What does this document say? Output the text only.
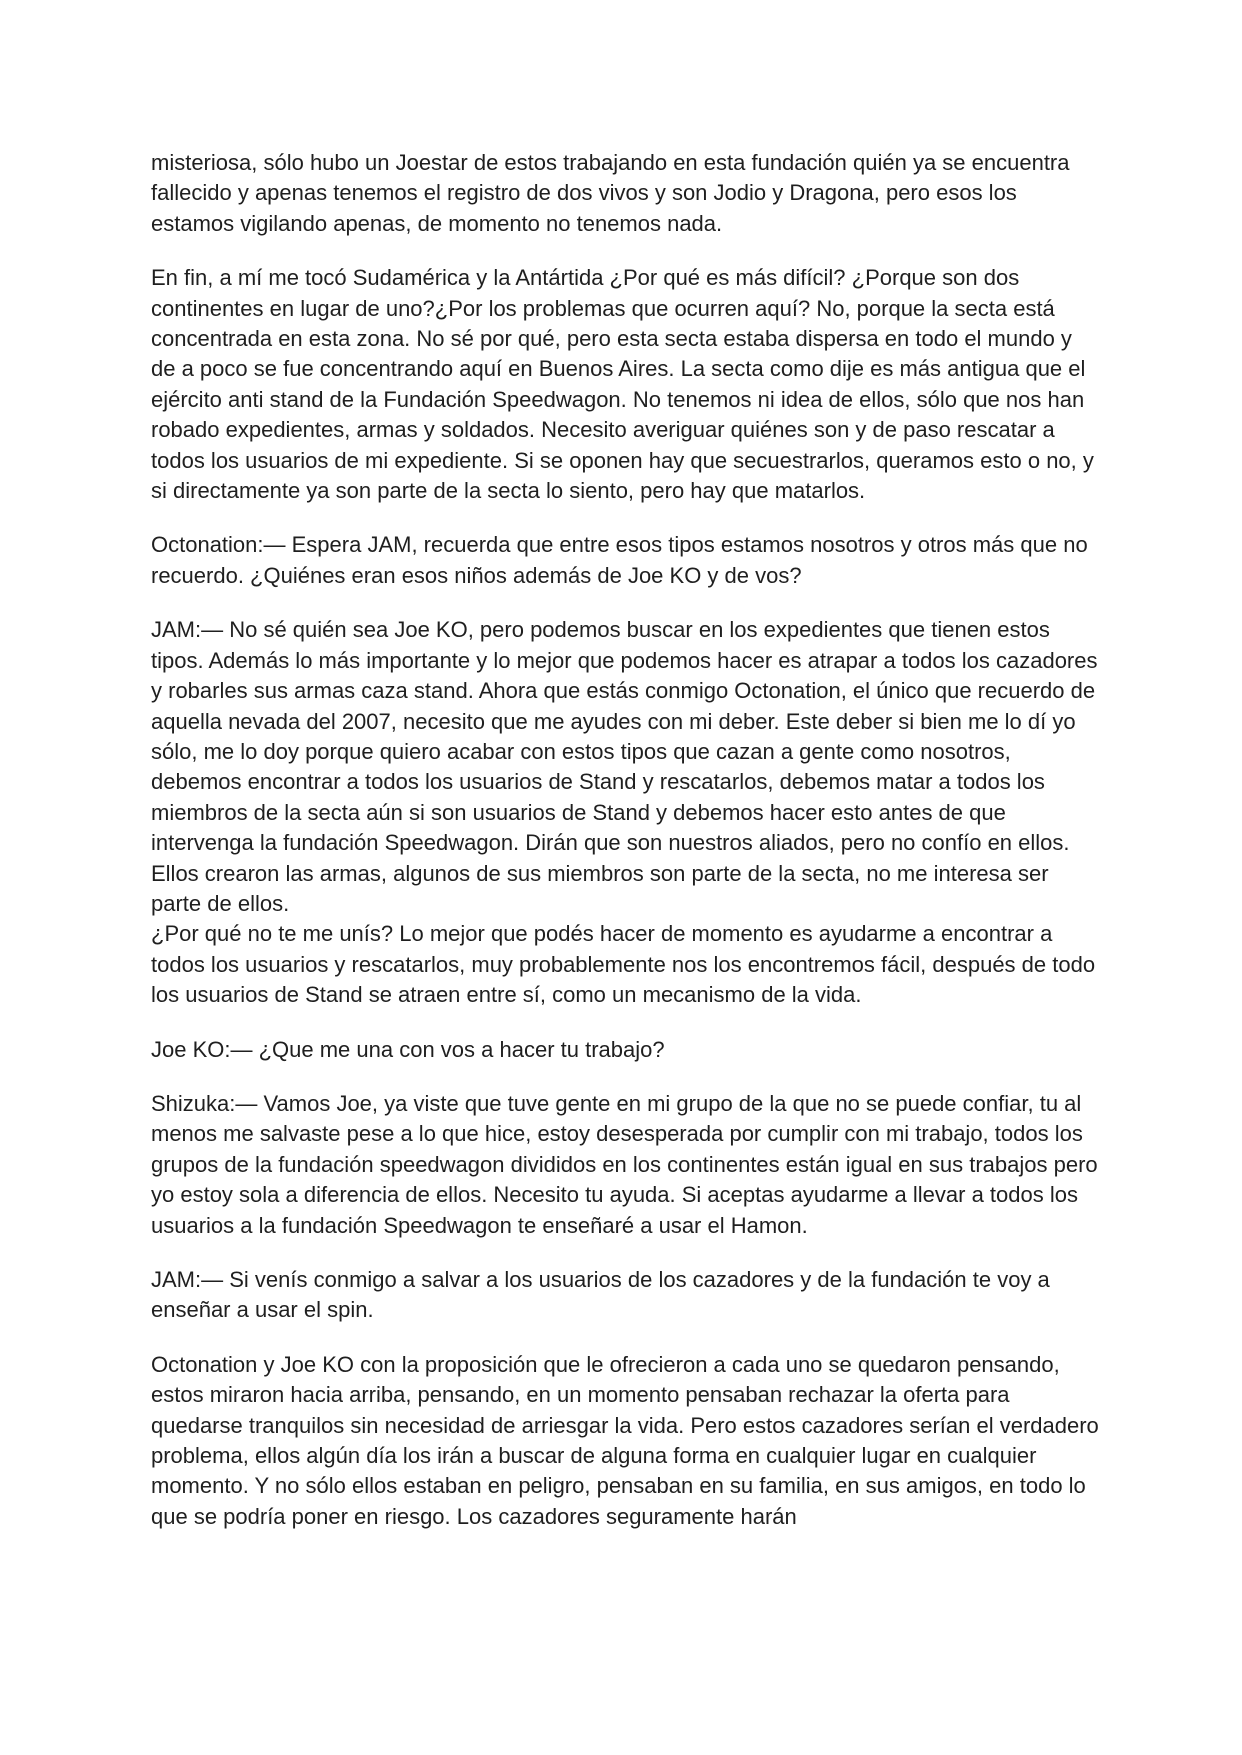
misteriosa, sólo hubo un Joestar de estos trabajando en esta fundación quién ya se encuentra fallecido y apenas tenemos el registro de dos vivos y son Jodio y Dragona, pero esos los estamos vigilando apenas, de momento no tenemos nada.

En fin, a mí me tocó Sudamérica y la Antártida ¿Por qué es más difícil? ¿Porque son dos continentes en lugar de uno?¿Por los problemas que ocurren aquí? No, porque la secta está concentrada en esta zona. No sé por qué, pero esta secta estaba dispersa en todo el mundo y de a poco se fue concentrando aquí en Buenos Aires. La secta como dije es más antigua que el ejército anti stand de la Fundación Speedwagon. No tenemos ni idea de ellos, sólo que nos han robado expedientes, armas y soldados. Necesito averiguar quiénes son y de paso rescatar a todos los usuarios de mi expediente. Si se oponen hay que secuestrarlos, queramos esto o no, y si directamente ya son parte de la secta lo siento, pero hay que matarlos.

Octonation:— Espera JAM, recuerda que entre esos tipos estamos nosotros y otros más que no recuerdo. ¿Quiénes eran esos niños además de Joe KO y de vos?

JAM:— No sé quién sea Joe KO, pero podemos buscar en los expedientes que tienen estos tipos. Además lo más importante y lo mejor que podemos hacer es atrapar a todos los cazadores y robarles sus armas caza stand. Ahora que estás conmigo Octonation, el único que recuerdo de aquella nevada del 2007, necesito que me ayudes con mi deber. Este deber si bien me lo dí yo sólo, me lo doy porque quiero acabar con estos tipos que cazan a gente como nosotros, debemos encontrar a todos los usuarios de Stand y rescatarlos, debemos matar a todos los miembros de la secta aún si son usuarios de Stand y debemos hacer esto antes de que intervenga la fundación Speedwagon. Dirán que son nuestros aliados, pero no confío en ellos. Ellos crearon las armas, algunos de sus miembros son parte de la secta, no me interesa ser parte de ellos.

¿Por qué no te me unís? Lo mejor que podés hacer de momento es ayudarme a encontrar a todos los usuarios y rescatarlos, muy probablemente nos los encontremos fácil, después de todo los usuarios de Stand se atraen entre sí, como un mecanismo de la vida.

Joe KO:— ¿Que me una con vos a hacer tu trabajo?

Shizuka:— Vamos Joe, ya viste que tuve gente en mi grupo de la que no se puede confiar, tu al menos me salvaste pese a lo que hice, estoy desesperada por cumplir con mi trabajo, todos los grupos de la fundación speedwagon divididos en los continentes están igual en sus trabajos pero yo estoy sola a diferencia de ellos. Necesito tu ayuda. Si aceptas ayudarme a llevar a todos los usuarios a la fundación Speedwagon te enseñaré a usar el Hamon.

JAM:— Si venís conmigo a salvar a los usuarios de los cazadores y de la fundación te voy a enseñar a usar el spin.

Octonation y Joe KO con la proposición que le ofrecieron a cada uno se quedaron pensando, estos miraron hacia arriba, pensando, en un momento pensaban rechazar la oferta para quedarse tranquilos sin necesidad de arriesgar la vida. Pero estos cazadores serían el verdadero problema, ellos algún día los irán a buscar de alguna forma en cualquier lugar en cualquier momento. Y no sólo ellos estaban en peligro, pensaban en su familia, en sus amigos, en todo lo que se podría poner en riesgo. Los cazadores seguramente harán
